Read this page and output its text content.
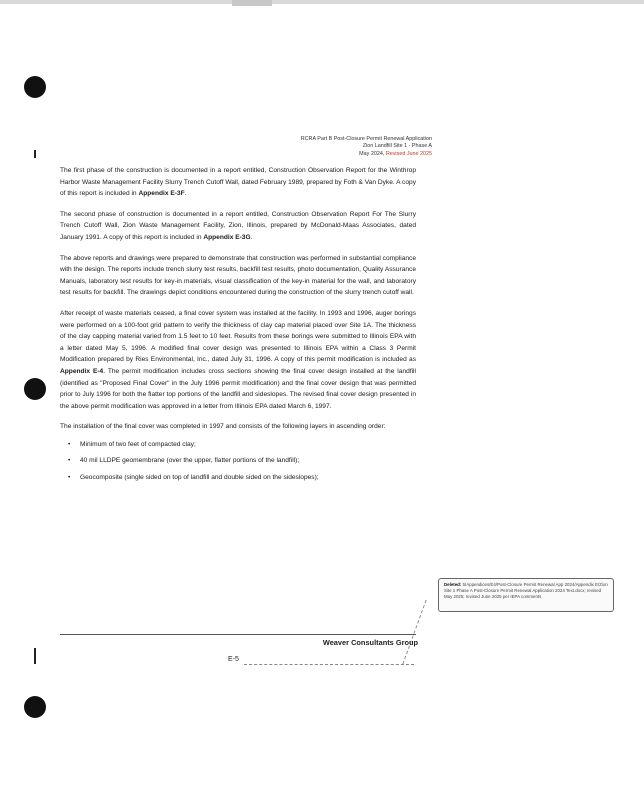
RCRA Part B Post-Closure Permit Renewal Application
Zion Landfill Site 1 - Phase A
May 2024, Revised June 2025

The first phase of the construction is documented in a report entitled, Construction Observation Report for the Winthrop Harbor Waste Management Facility Slurry Trench Cutoff Wall, dated February 1989, prepared by Foth & Van Dyke. A copy of this report is included in Appendix E-3F.

The second phase of construction is documented in a report entitled, Construction Observation Report For The Slurry Trench Cutoff Wall, Zion Waste Management Facility, Zion, Illinois, prepared by McDonald-Maas Associates, dated January 1991. A copy of this report is included in Appendix E-3G.

The above reports and drawings were prepared to demonstrate that construction was performed in substantial compliance with the design. The reports include trench slurry test results, backfill test results, photo documentation, Quality Assurance Manuals, laboratory test results for key-in materials, visual classification of the key-in material for the wall, and laboratory test results for backfill. The drawings depict conditions encountered during the construction of the slurry trench cutoff wall.

After receipt of waste materials ceased, a final cover system was installed at the facility. In 1993 and 1996, auger borings were performed on a 100-foot grid pattern to verify the thickness of clay cap material placed over Site 1A. The thickness of the clay capping material varied from 1.5 feet to 10 feet. Results from these borings were submitted to Illinois EPA with a letter dated May 5, 1996. A modified final cover design was presented to Illinois EPA within a Class 3 Permit Modification prepared by Ries Environmental, Inc., dated July 31, 1996. A copy of this permit modification is included as Appendix E-4. The permit modification includes cross sections showing the final cover design installed at the landfill (identified as "Proposed Final Cover" in the July 1996 permit modification) and the final cover design that was permitted prior to July 1996 for both the flatter top portions of the landfill and sideslopes. The revised final cover design presented in the above permit modification was approved in a letter from Illinois EPA dated March 6, 1997.

The installation of the final cover was completed in 1997 and consists of the following layers in ascending order:

• Minimum of two feet of compacted clay;
• 40 mil LLDPE geomembrane (over the upper, flatter portions of the landfill);
• Geocomposite (single sided on top of landfill and double sided on the sideslopes);
Deleted: 5/Appendices/E4/Post-Closure Permit Renewal App 2024/Appendix E/Zion Site 1 Phase A Post-Closure Permit Renewal Application 2024 Text.docx; revised May 2025; revised June 2025 per IEPA comments
Weaver Consultants Group
E-5
